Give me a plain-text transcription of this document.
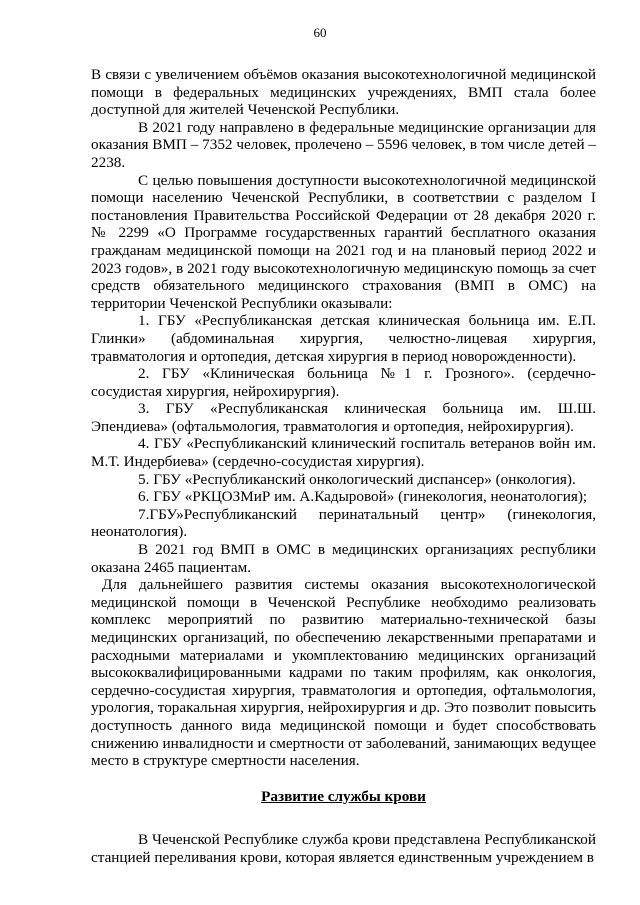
60

В связи с увеличением объёмов оказания высокотехнологичной медицинской помощи в федеральных медицинских учреждениях, ВМП стала более доступной для жителей Чеченской Республики.

В 2021 году направлено в федеральные медицинские организации для оказания ВМП – 7352 человек, пролечено – 5596 человек, в том числе детей – 2238.

С целью повышения доступности высокотехнологичной медицинской помощи населению Чеченской Республики, в соответствии с разделом I постановления Правительства Российской Федерации от 28 декабря 2020 г. № 2299 «О Программе государственных гарантий бесплатного оказания гражданам медицинской помощи на 2021 год и на плановый период 2022 и 2023 годов», в 2021 году высокотехнологичную медицинскую помощь за счет средств обязательного медицинского страхования (ВМП в ОМС) на территории Чеченской Республики оказывали:

1. ГБУ «Республиканская детская клиническая больница им. Е.П. Глинки» (абдоминальная хирургия, челюстно-лицевая хирургия, травматология и ортопедия, детская хирургия в период новорожденности).

2. ГБУ «Клиническая больница №1 г. Грозного». (сердечно-сосудистая хирургия, нейрохирургия).

3. ГБУ «Республиканская клиническая больница им. Ш.Ш. Эпендиева» (офтальмология, травматология и ортопедия, нейрохирургия).

4. ГБУ «Республиканский клинический госпиталь ветеранов войн им. М.Т. Индербиева» (сердечно-сосудистая хирургия).

5. ГБУ «Республиканский онкологический диспансер» (онкология).

6. ГБУ «РКЦОЗМиР им. А.Кадыровой» (гинекология, неонатология);

7.ГБУ»Республиканский перинатальный центр» (гинекология, неонатология).

В 2021 год ВМП в ОМС в медицинских организациях республики оказана 2465 пациентам.

Для дальнейшего развития системы оказания высокотехнологической медицинской помощи в Чеченской Республике необходимо реализовать комплекс мероприятий по развитию материально-технической базы медицинских организаций, по обеспечению лекарственными препаратами и расходными материалами и укомплектованию медицинских организаций высококвалифицированными кадрами по таким профилям, как онкология, сердечно-сосудистая хирургия, травматология и ортопедия, офтальмология, урология, торакальная хирургия, нейрохирургия и др. Это позволит повысить доступность данного вида медицинской помощи и будет способствовать снижению инвалидности и смертности от заболеваний, занимающих ведущее место в структуре смертности населения.

Развитие службы крови

В Чеченской Республике служба крови представлена Республиканской станцией переливания крови, которая является единственным учреждением в
